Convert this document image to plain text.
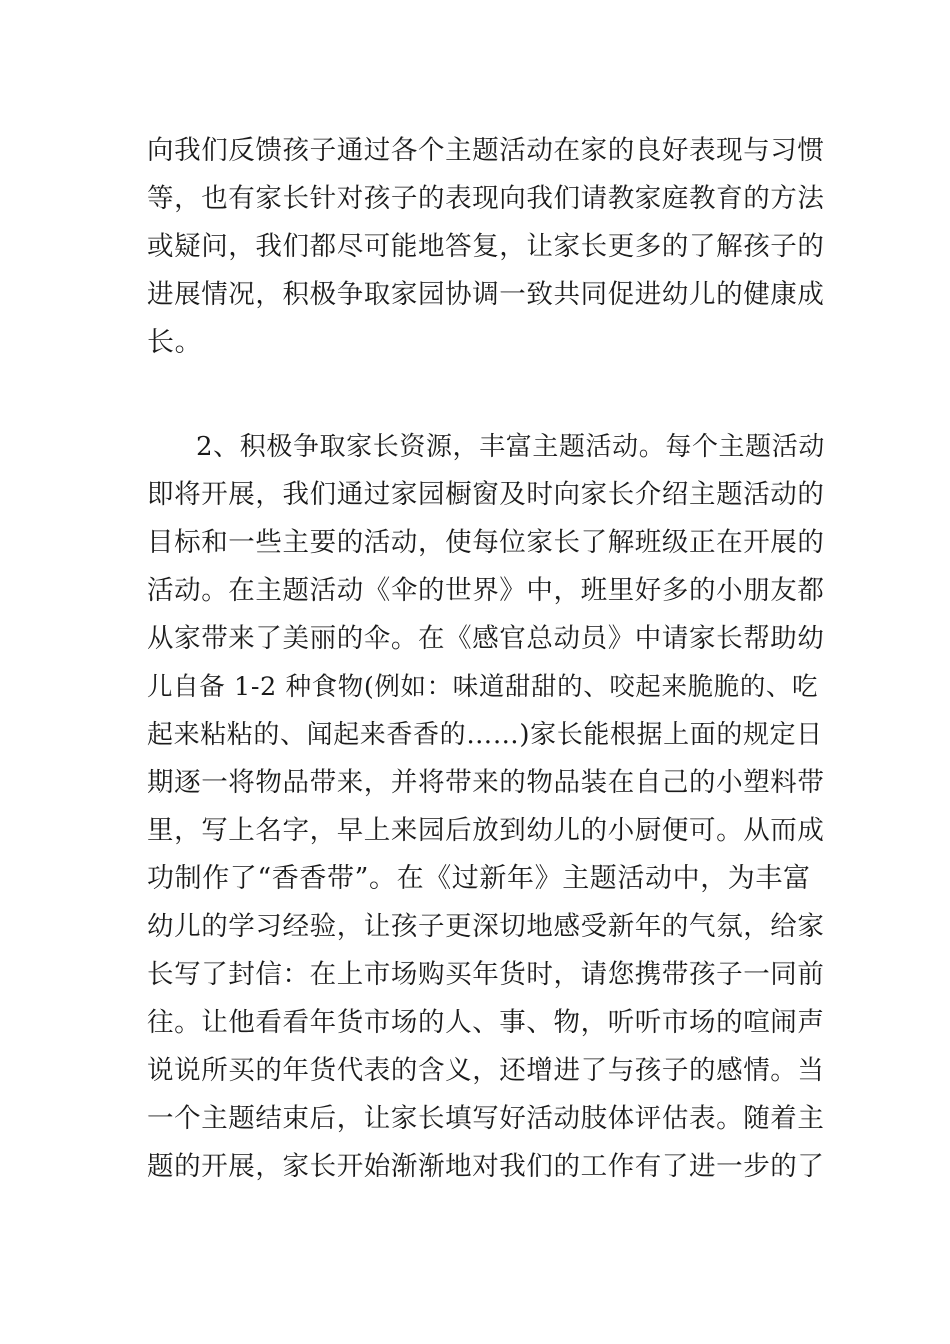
向我们反馈孩子通过各个主题活动在家的良好表现与习惯
等，也有家长针对孩子的表现向我们请教家庭教育的方法
或疑问，我们都尽可能地答复，让家长更多的了解孩子的
进展情况，积极争取家园协调一致共同促进幼儿的健康成
长。
2、积极争取家长资源，丰富主题活动。每个主题活动
即将开展，我们通过家园橱窗及时向家长介绍主题活动的
目标和一些主要的活动，使每位家长了解班级正在开展的
活动。在主题活动《伞的世界》中，班里好多的小朋友都
从家带来了美丽的伞。在《感官总动员》中请家长帮助幼
儿自备 1-2 种食物(例如：味道甜甜的、咬起来脆脆的、吃
起来粘粘的、闻起来香香的……)家长能根据上面的规定日
期逐一将物品带来，并将带来的物品装在自己的小塑料带
里，写上名字，早上来园后放到幼儿的小厨便可。从而成
功制作了“香香带”。在《过新年》主题活动中，为丰富
幼儿的学习经验，让孩子更深切地感受新年的气氛，给家
长写了封信：在上市场购买年货时，请您携带孩子一同前
往。让他看看年货市场的人、事、物，听听市场的喧闹声
说说所买的年货代表的含义，还增进了与孩子的感情。当
一个主题结束后，让家长填写好活动肢体评估表。随着主
题的开展，家长开始渐渐地对我们的工作有了进一步的了
